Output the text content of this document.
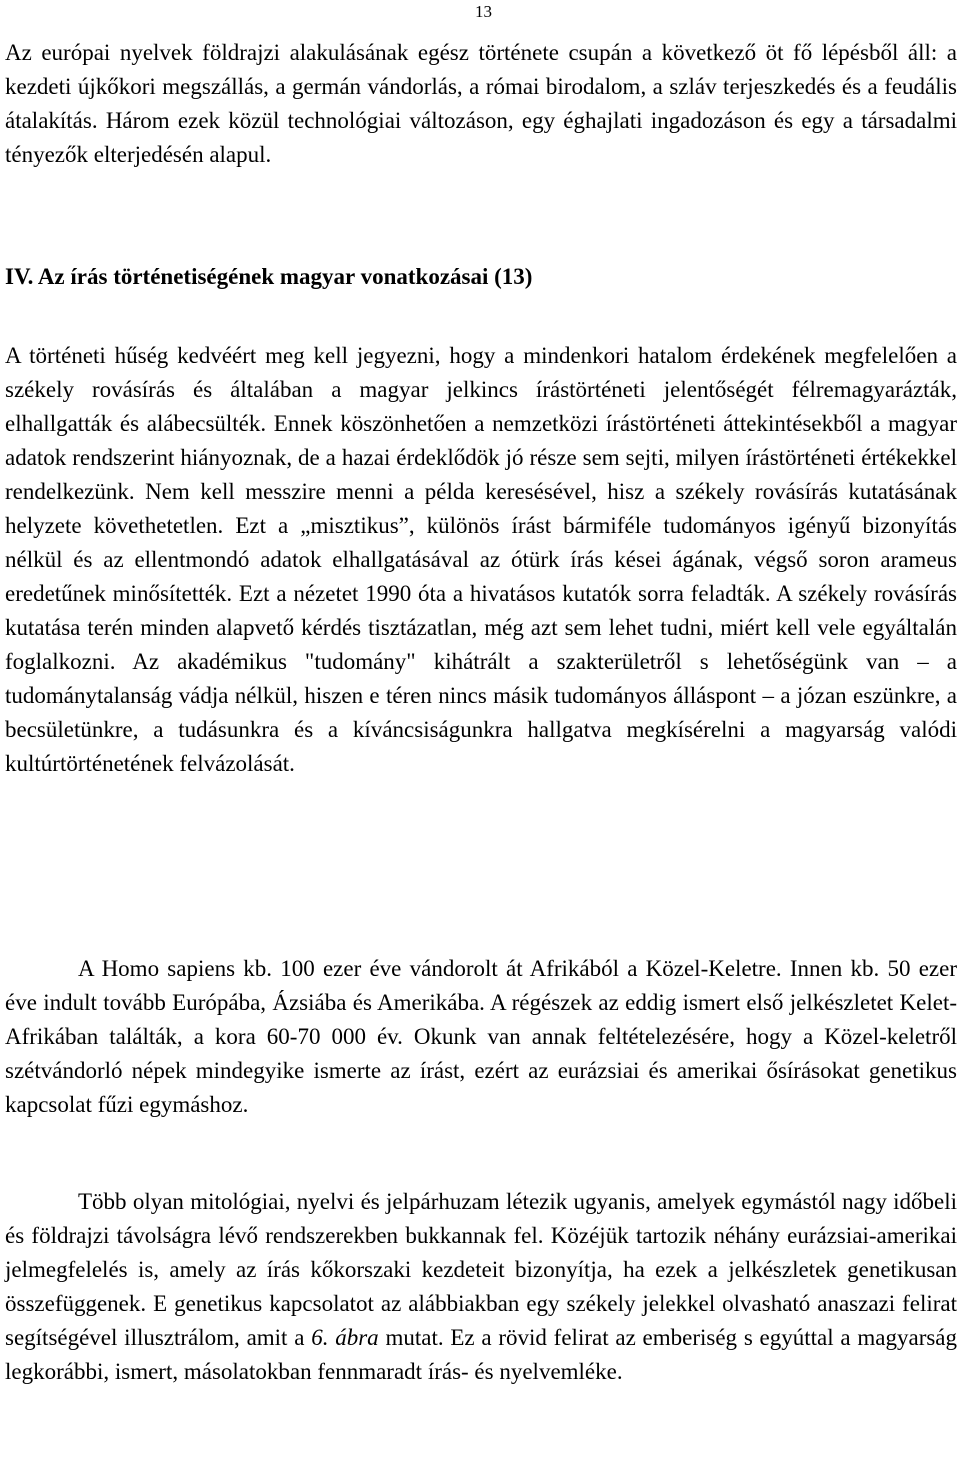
13

Az európai nyelvek földrajzi alakulásának egész története csupán a következő öt fő lépésből áll: a kezdeti újkőkori megszállás, a germán vándorlás, a római birodalom, a szláv terjeszkedés és a feudális átalakítás. Három ezek közül technológiai változáson, egy éghajlati ingadozáson és egy a társadalmi tényezők elterjedésén alapul.

IV. Az írás történetiségének magyar vonatkozásai (13)

A történeti hűség kedvéért meg kell jegyezni, hogy a mindenkori hatalom érdekének megfelelően a székely rovásírás és általában a magyar jelkincs írástörténeti jelentőségét félremagyarázták, elhallgatták és alábecsülték. Ennek köszönhetően a nemzetközi írástörténeti áttekintésekből a magyar adatok rendszerint hiányoznak, de a hazai érdeklődök jó része sem sejti, milyen írástörténeti értékekkel rendelkezünk. Nem kell messzire menni a példa keresésével, hisz a székely rovásírás kutatásának helyzete követhetetlen. Ezt a „misztikus”, különös írást bármiféle tudományos igényű bizonyítás nélkül és az ellentmondó adatok elhallgatásával az ótürk írás kései ágának, végső soron arameus eredetűnek minősítették. Ezt a nézetet 1990 óta a hivatásos kutatók sorra feladták. A székely rovásírás kutatása terén minden alapvető kérdés tisztázatlan, még azt sem lehet tudni, miért kell vele egyáltalán foglalkozni. Az akadémikus "tudomány" kihátrált a szakterületről s lehetőségünk van – a tudománytalanság vádja nélkül, hiszen e téren nincs másik tudományos álláspont – a józan eszünkre, a becsületünkre, a tudásunkra és a kíváncsiságunkra hallgatva megkísérelni a magyarság valódi kultúrtörténetének felvázolását.

A Homo sapiens kb. 100 ezer éve vándorolt át Afrikából a Közel-Keletre. Innen kb. 50 ezer éve indult tovább Európába, Ázsiába és Amerikába. A régészek az eddig ismert első jelkészletet Kelet-Afrikában találták, a kora 60-70 000 év. Okunk van annak feltételezésére, hogy a Közel-keletről szétvándorló népek mindegyike ismerte az írást, ezért az eurázsiai és amerikai ősírásokat genetikus kapcsolat fűzi egymáshoz.

Több olyan mitológiai, nyelvi és jelpárhuzam létezik ugyanis, amelyek egymástól nagy időbeli és földrajzi távolságra lévő rendszerekben bukkannak fel. Közéjük tartozik néhány eurázsiai-amerikai jelmegfelelés is, amely az írás kőkorszaki kezdeteit bizonyítja, ha ezek a jelkészletek genetikusan összefüggenek. E genetikus kapcsolatot az alábbiakban egy székely jelekkel olvasható anaszazi felirat segítségével illusztrálom, amit a 6. ábra mutat. Ez a rövid felirat az emberiség s egyúttal a magyarság legkorábbi, ismert, másolatokban fennmaradt írás- és nyelvemléke.
